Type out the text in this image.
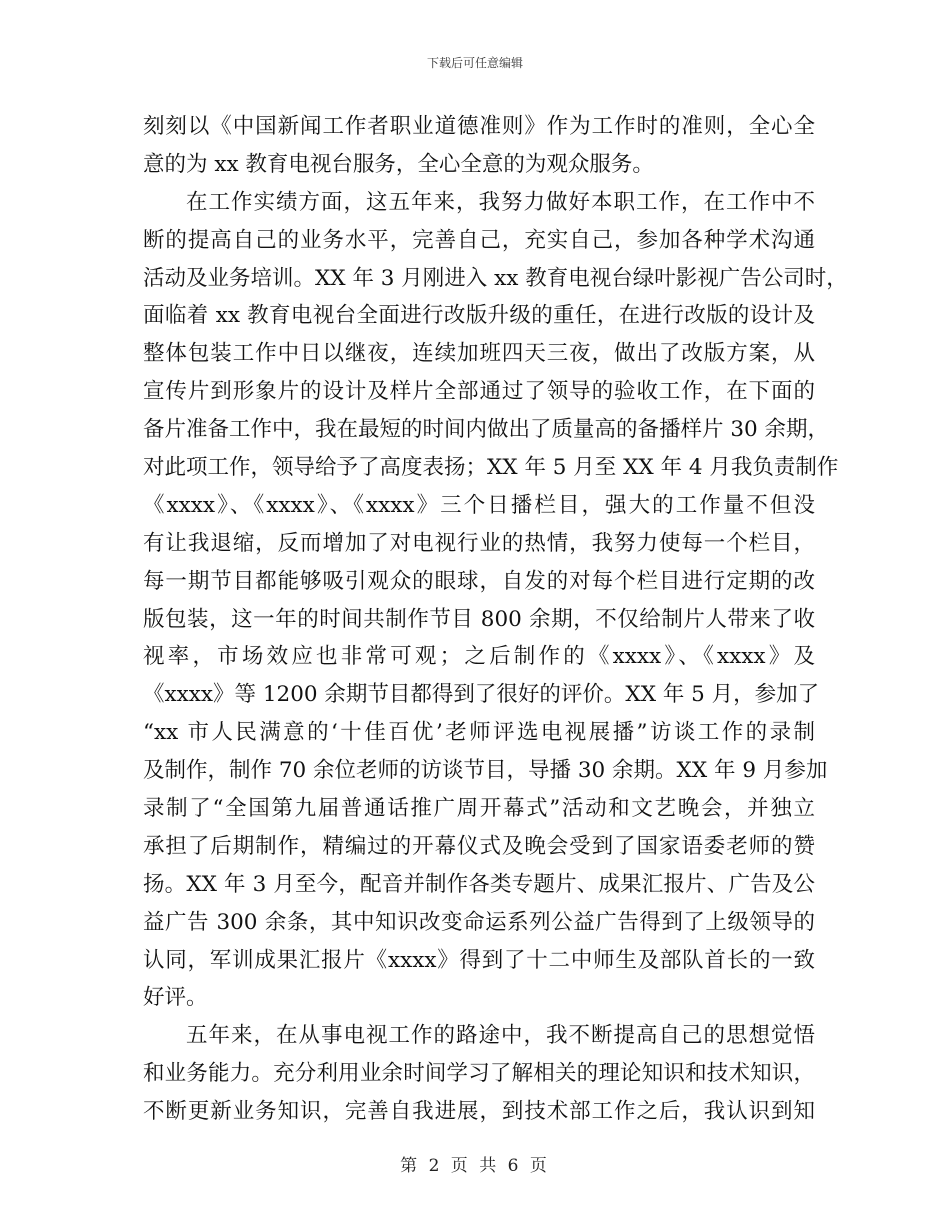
下载后可任意编辑
刻刻以《中国新闻工作者职业道德准则》作为工作时的准则，全心全
意的为 xx 教育电视台服务，全心全意的为观众服务。
在工作实绩方面，这五年来，我努力做好本职工作，在工作中不
断的提高自己的业务水平，完善自己，充实自己，参加各种学术沟通
活动及业务培训。XX 年 3 月刚进入 xx 教育电视台绿叶影视广告公司时，
面临着 xx 教育电视台全面进行改版升级的重任，在进行改版的设计及
整体包装工作中日以继夜，连续加班四天三夜，做出了改版方案，从
宣传片到形象片的设计及样片全部通过了领导的验收工作，在下面的
备片准备工作中，我在最短的时间内做出了质量高的备播样片 30 余期，
对此项工作，领导给予了高度表扬；XX 年 5 月至 XX 年 4 月我负责制作
《xxxx》、《xxxx》、《xxxx》三个日播栏目，强大的工作量不但没
有让我退缩，反而增加了对电视行业的热情，我努力使每一个栏目，
每一期节目都能够吸引观众的眼球，自发的对每个栏目进行定期的改
版包装，这一年的时间共制作节目 800 余期，不仅给制片人带来了收
视率，市场效应也非常可观；之后制作的《xxxx》、《xxxx》及
《xxxx》等 1200 余期节目都得到了很好的评价。XX 年 5 月，参加了
“xx 市人民满意的‘十佳百优’老师评选电视展播”访谈工作的录制
及制作，制作 70 余位老师的访谈节目，导播 30 余期。XX 年 9 月参加
录制了“全国第九届普通话推广周开幕式”活动和文艺晚会，并独立
承担了后期制作，精编过的开幕仪式及晚会受到了国家语委老师的赞
扬。XX 年 3 月至今，配音并制作各类专题片、成果汇报片、广告及公
益广告 300 余条，其中知识改变命运系列公益广告得到了上级领导的
认同，军训成果汇报片《xxxx》得到了十二中师生及部队首长的一致
好评。
五年来，在从事电视工作的路途中，我不断提高自己的思想觉悟
和业务能力。充分利用业余时间学习了解相关的理论知识和技术知识，
不断更新业务知识，完善自我进展，到技术部工作之后，我认识到知
第 2 页 共 6 页
